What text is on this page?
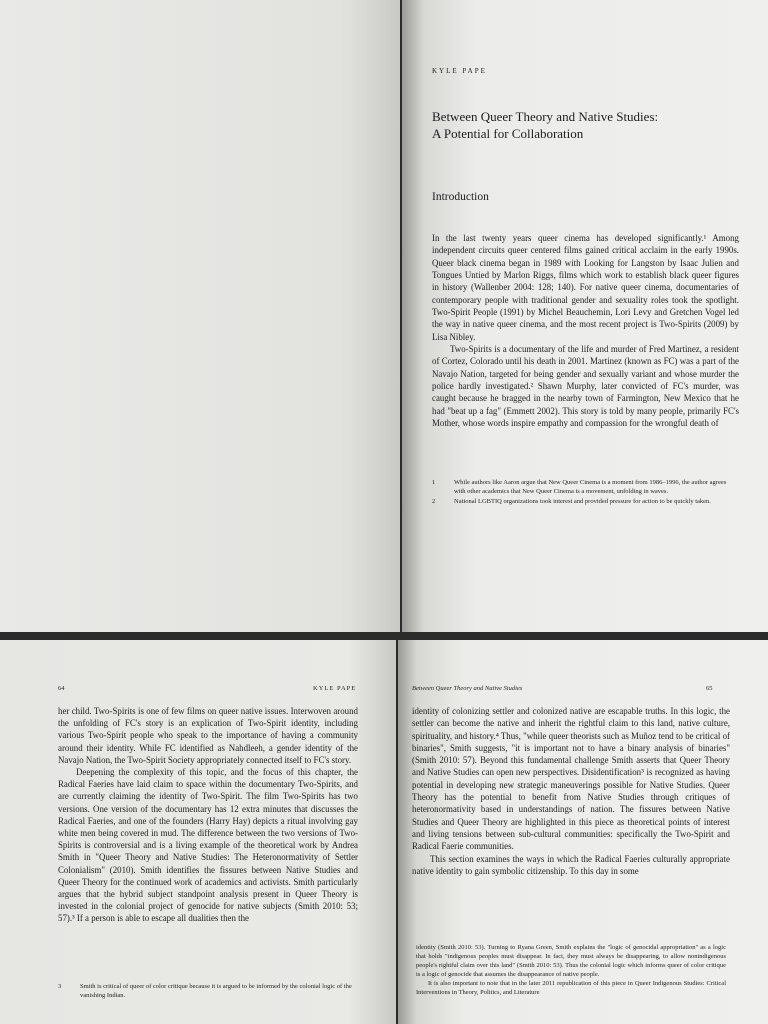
KYLE PAPE
Between Queer Theory and Native Studies:
A Potential for Collaboration
Introduction

In the last twenty years queer cinema has developed significantly.¹ Among independent circuits queer centered films gained critical acclaim in the early 1990s. Queer black cinema began in 1989 with Looking for Langston by Isaac Julien and Tongues Untied by Marlon Riggs, films which work to establish black queer figures in history (Wallenber 2004: 128; 140). For native queer cinema, documentaries of contemporary people with traditional gender and sexuality roles took the spotlight. Two-Spirit People (1991) by Michel Beauchemin, Lori Levy and Gretchen Vogel led the way in native queer cinema, and the most recent project is Two-Spirits (2009) by Lisa Nibley.

Two-Spirits is a documentary of the life and murder of Fred Martinez, a resident of Cortez, Colorado until his death in 2001. Martinez (known as FC) was a part of the Navajo Nation, targeted for being gender and sexually variant and whose murder the police hardly investigated.² Shawn Murphy, later convicted of FC's murder, was caught because he bragged in the nearby town of Farmington, New Mexico that he had "beat up a fag" (Emmett 2002). This story is told by many people, primarily FC's Mother, whose words inspire empathy and compassion for the wrongful death of

1	While authors like Aaron argue that New Queer Cinema is a moment from 1986–1996, the author agrees with other academics that New Queer Cinema is a movement, unfolding in waves.
2	National LGBTIQ organizations took interest and provided pressure for action to be quickly taken.
64	KYLE PAPE

her child. Two-Spirits is one of few films on queer native issues. Interwoven around the unfolding of FC's story is an explication of Two-Spirit identity, including various Two-Spirit people who speak to the importance of having a community around their identity. While FC identified as Nahdleeh, a gender identity of the Navajo Nation, the Two-Spirit Society appropriately connected itself to FC's story.

Deepening the complexity of this topic, and the focus of this chapter, the Radical Faeries have laid claim to space within the documentary Two-Spirits, and are currently claiming the identity of Two-Spirit. The film Two-Spirits has two versions. One version of the documentary has 12 extra minutes that discusses the Radical Faeries, and one of the founders (Harry Hay) depicts a ritual involving gay white men being covered in mud. The difference between the two versions of Two-Spirits is controversial and is a living example of the theoretical work by Andrea Smith in "Queer Theory and Native Studies: The Heteronormativity of Settler Colonialism" (2010). Smith identifies the fissures between Native Studies and Queer Theory for the continued work of academics and activists. Smith particularly argues that the hybrid subject standpoint analysis present in Queer Theory is invested in the colonial project of genocide for native subjects (Smith 2010: 53; 57).³ If a person is able to escape all dualities then the

3	Smith is critical of queer of color critique because it is argued to be informed by the colonial logic of the vanishing Indian.
Between Queer Theory and Native Studies	65

identity of colonizing settler and colonized native are escapable truths. In this logic, the settler can become the native and inherit the rightful claim to this land, native culture, spirituality, and history.⁴ Thus, "while queer theorists such as Muñoz tend to be critical of binaries", Smith suggests, "it is important not to have a binary analysis of binaries" (Smith 2010: 57). Beyond this fundamental challenge Smith asserts that Queer Theory and Native Studies can open new perspectives. Disidentification⁵ is recognized as having potential in developing new strategic maneuverings possible for Native Studies. Queer Theory has the potential to benefit from Native Studies through critiques of heteronormativity based in understandings of nation. The fissures between Native Studies and Queer Theory are highlighted in this piece as theoretical points of interest and living tensions between sub-cultural communities: specifically the Two-Spirit and Radical Faerie communities.

This section examines the ways in which the Radical Faeries culturally appropriate native identity to gain symbolic citizenship. To this day in some

identity (Smith 2010: 53). Turning to Ryana Green, Smith explains the "logic of genocidal appropriation" as a logic that holds "indigenous peoples must disappear. In fact, they must always be disappearing, to allow nonindigenous people's rightful claim over this land" (Smith 2010: 53). Thus the colonial logic which informs queer of color critique is a logic of genocide that assumes the disappearance of native people.

It is also important to note that in the later 2011 republication of this piece in Queer Indigenous Studies: Critical Interventions in Theory, Politics, and Literature
